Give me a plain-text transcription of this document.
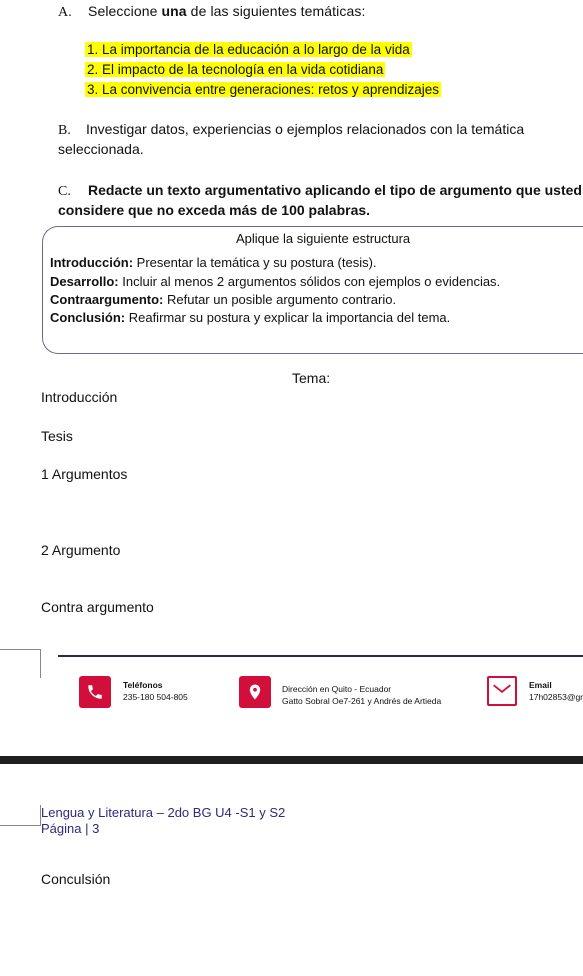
A. Seleccione una de las siguientes temáticas:
1. La importancia de la educación a lo largo de la vida
2. El impacto de la tecnología en la vida cotidiana
3. La convivencia entre generaciones: retos y aprendizajes
B. Investigar datos, experiencias o ejemplos relacionados con la temática seleccionada.
C. Redacte un texto argumentativo aplicando el tipo de argumento que usted
considere que no exceda más de 100 palabras.
Aplique la siguiente estructura
Introducción: Presentar la temática y su postura (tesis).
Desarrollo: Incluir al menos 2 argumentos sólidos con ejemplos o evidencias.
Contraargumento: Refutar un posible argumento contrario.
Conclusión: Reafirmar su postura y explicar la importancia del tema.
Tema:
Introducción
Tesis
1 Argumentos
2 Argumento
Contra argumento
Teléfonos
235-180 504-805
Dirección en Quito - Ecuador
Gatto Sobral Oe7-261 y Andrés de Artieda
Email
17h02853@gr
Lengua y Literatura – 2do BG U4 -S1 y S2
Página | 3
Conculsión
